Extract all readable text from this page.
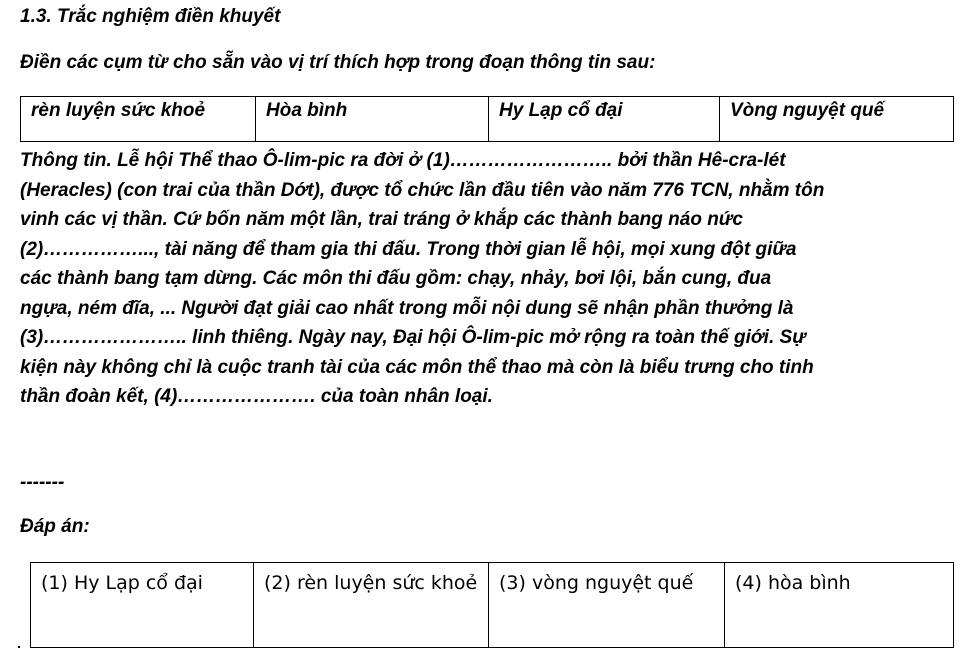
1.3. Trắc nghiệm điền khuyết
Điền các cụm từ cho sẵn vào vị trí thích hợp trong đoạn thông tin sau:
rèn luyện sức khoẻ	Hòa bình	Hy Lạp cổ đại	Vòng nguyệt quế
Thông tin. Lễ hội Thể thao Ô-lim-pic ra đời ở (1)…………………….. bởi thần Hê-cra-lét
(Heracles) (con trai của thần Dớt), được tổ chức lần đầu tiên vào năm 776 TCN, nhằm tôn
vinh các vị thần. Cứ bốn năm một lần, trai tráng ở khắp các thành bang náo nức
(2)……………..., tài năng để tham gia thi đấu. Trong thời gian lễ hội, mọi xung đột giữa
các thành bang tạm dừng. Các môn thi đấu gồm: chạy, nhảy, bơi lội, bắn cung, đua
ngựa, ném đĩa, ... Người đạt giải cao nhất trong mỗi nội dung sẽ nhận phần thưởng là
(3)………………….. linh thiêng. Ngày nay, Đại hội Ô-lim-pic mở rộng ra toàn thế giới. Sự
kiện này không chỉ là cuộc tranh tài của các môn thể thao mà còn là biểu trưng cho tinh
thần đoàn kết, (4)…………………. của toàn nhân loại.
-------
Đáp án:
(1) Hy Lạp cổ đại	(2) rèn luyện sức khoẻ	(3) vòng nguyệt quế	(4) hòa bình
